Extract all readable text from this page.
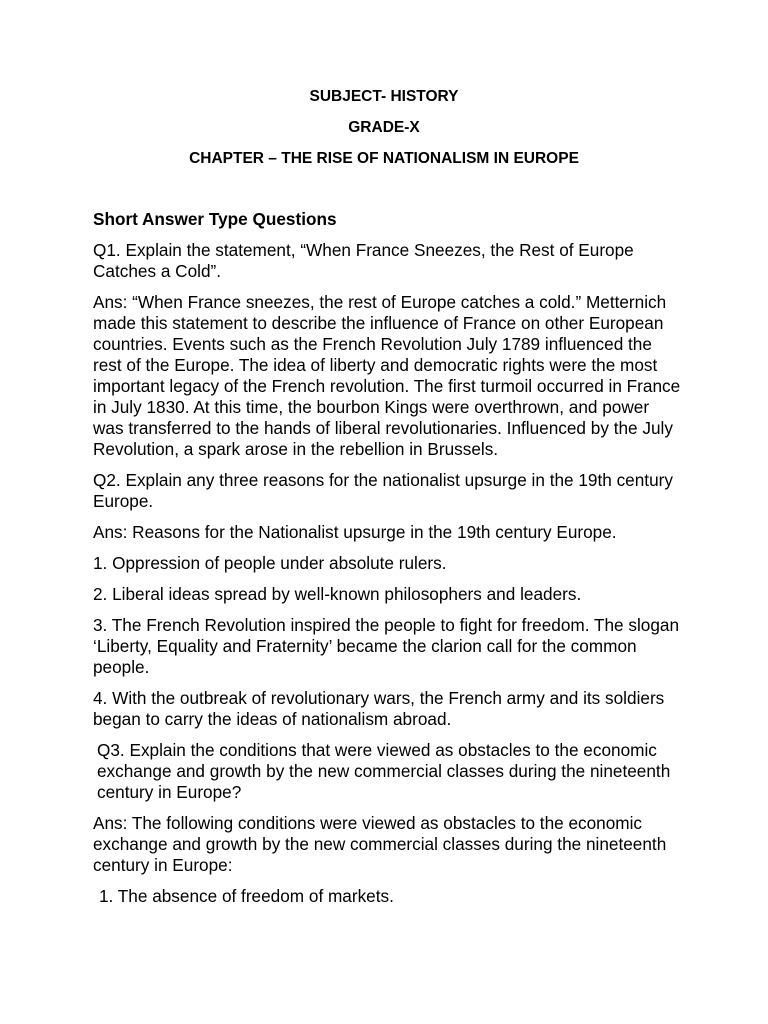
SUBJECT- HISTORY

GRADE-X

CHAPTER – THE RISE OF NATIONALISM IN EUROPE

Short Answer Type Questions

Q1. Explain the statement, “When France Sneezes, the Rest of Europe Catches a Cold”.

Ans: “When France sneezes, the rest of Europe catches a cold.” Metternich made this statement to describe the influence of France on other European countries. Events such as the French Revolution July 1789 influenced the rest of the Europe. The idea of liberty and democratic rights were the most important legacy of the French revolution. The first turmoil occurred in France in July 1830. At this time, the bourbon Kings were overthrown, and power was transferred to the hands of liberal revolutionaries. Influenced by the July Revolution, a spark arose in the rebellion in Brussels.

Q2. Explain any three reasons for the nationalist upsurge in the 19th century Europe.

Ans: Reasons for the Nationalist upsurge in the 19th century Europe.

1. Oppression of people under absolute rulers.

2. Liberal ideas spread by well-known philosophers and leaders.

3. The French Revolution inspired the people to fight for freedom. The slogan ‘Liberty, Equality and Fraternity’ became the clarion call for the common people.

4. With the outbreak of revolutionary wars, the French army and its soldiers began to carry the ideas of nationalism abroad.

Q3. Explain the conditions that were viewed as obstacles to the economic exchange and growth by the new commercial classes during the nineteenth century in Europe?

Ans: The following conditions were viewed as obstacles to the economic exchange and growth by the new commercial classes during the nineteenth century in Europe:

1. The absence of freedom of markets.
